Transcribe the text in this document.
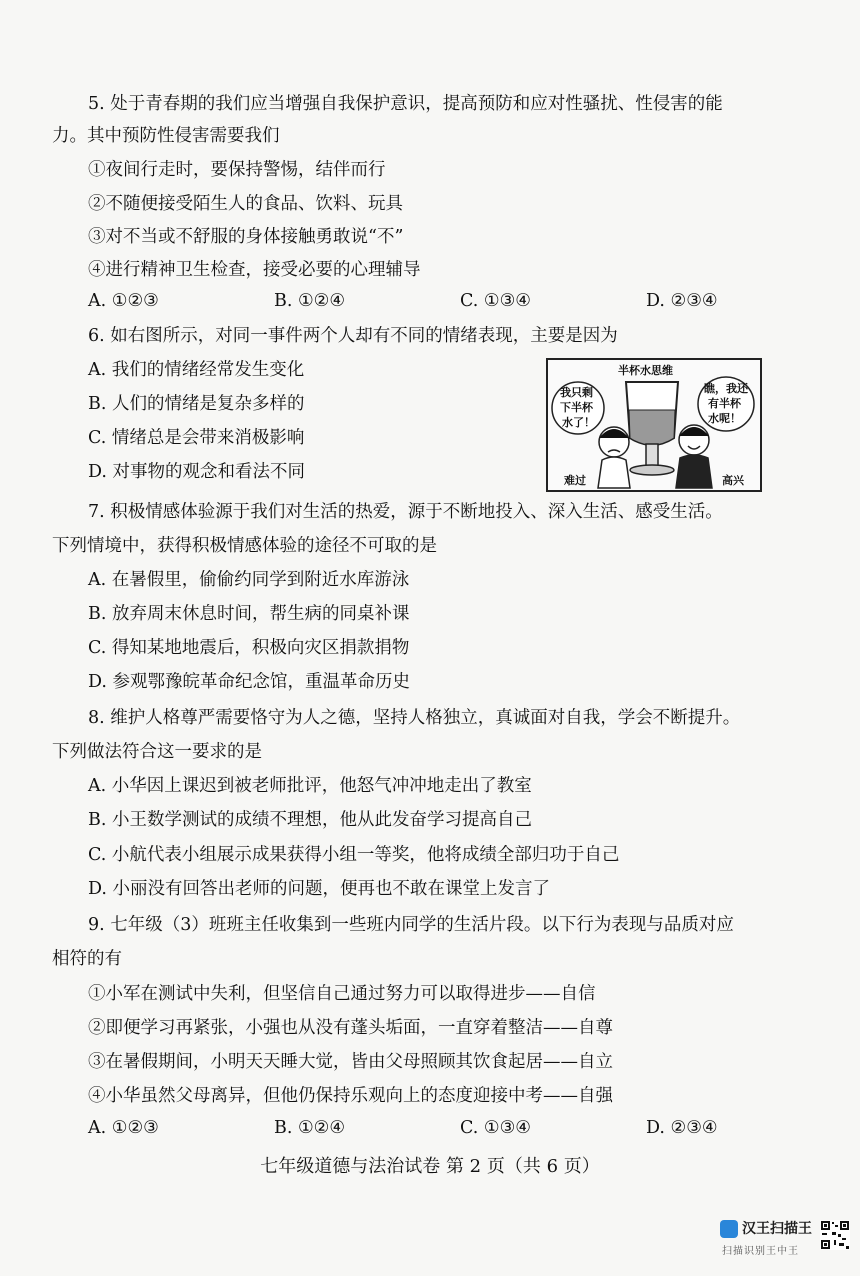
5. 处于青春期的我们应当增强自我保护意识，提高预防和应对性骚扰、性侵害的能
力。其中预防性侵害需要我们
①夜间行走时，要保持警惕，结伴而行
②不随便接受陌生人的食品、饮料、玩具
③对不当或不舒服的身体接触勇敢说“不”
④进行精神卫生检查，接受必要的心理辅导
A. ①②③	B. ①②④	C. ①③④	D. ②③④
6. 如右图所示，对同一事件两个人却有不同的情绪表现，主要是因为
A. 我们的情绪经常发生变化
B. 人们的情绪是复杂多样的
C. 情绪总是会带来消极影响
D. 对事物的观念和看法不同
半杯水思维
我只剩
下半杯
水了！
瞧，我还
有半杯
水呢！
难过	高兴
7. 积极情感体验源于我们对生活的热爱，源于不断地投入、深入生活、感受生活。
下列情境中，获得积极情感体验的途径不可取的是
A. 在暑假里，偷偷约同学到附近水库游泳
B. 放弃周末休息时间，帮生病的同桌补课
C. 得知某地地震后，积极向灾区捐款捐物
D. 参观鄂豫皖革命纪念馆，重温革命历史
8. 维护人格尊严需要恪守为人之德，坚持人格独立，真诚面对自我，学会不断提升。
下列做法符合这一要求的是
A. 小华因上课迟到被老师批评，他怒气冲冲地走出了教室
B. 小王数学测试的成绩不理想，他从此发奋学习提高自己
C. 小航代表小组展示成果获得小组一等奖，他将成绩全部归功于自己
D. 小丽没有回答出老师的问题，便再也不敢在课堂上发言了
9. 七年级（3）班班主任收集到一些班内同学的生活片段。以下行为表现与品质对应
相符的有
①小军在测试中失利，但坚信自己通过努力可以取得进步——自信
②即便学习再紧张，小强也从没有蓬头垢面，一直穿着整洁——自尊
③在暑假期间，小明天天睡大觉，皆由父母照顾其饮食起居——自立
④小华虽然父母离异，但他仍保持乐观向上的态度迎接中考——自强
A. ①②③	B. ①②④	C. ①③④	D. ②③④
七年级道德与法治试卷 第 2 页（共 6 页）
汉王扫描王
扫描识别王中王
